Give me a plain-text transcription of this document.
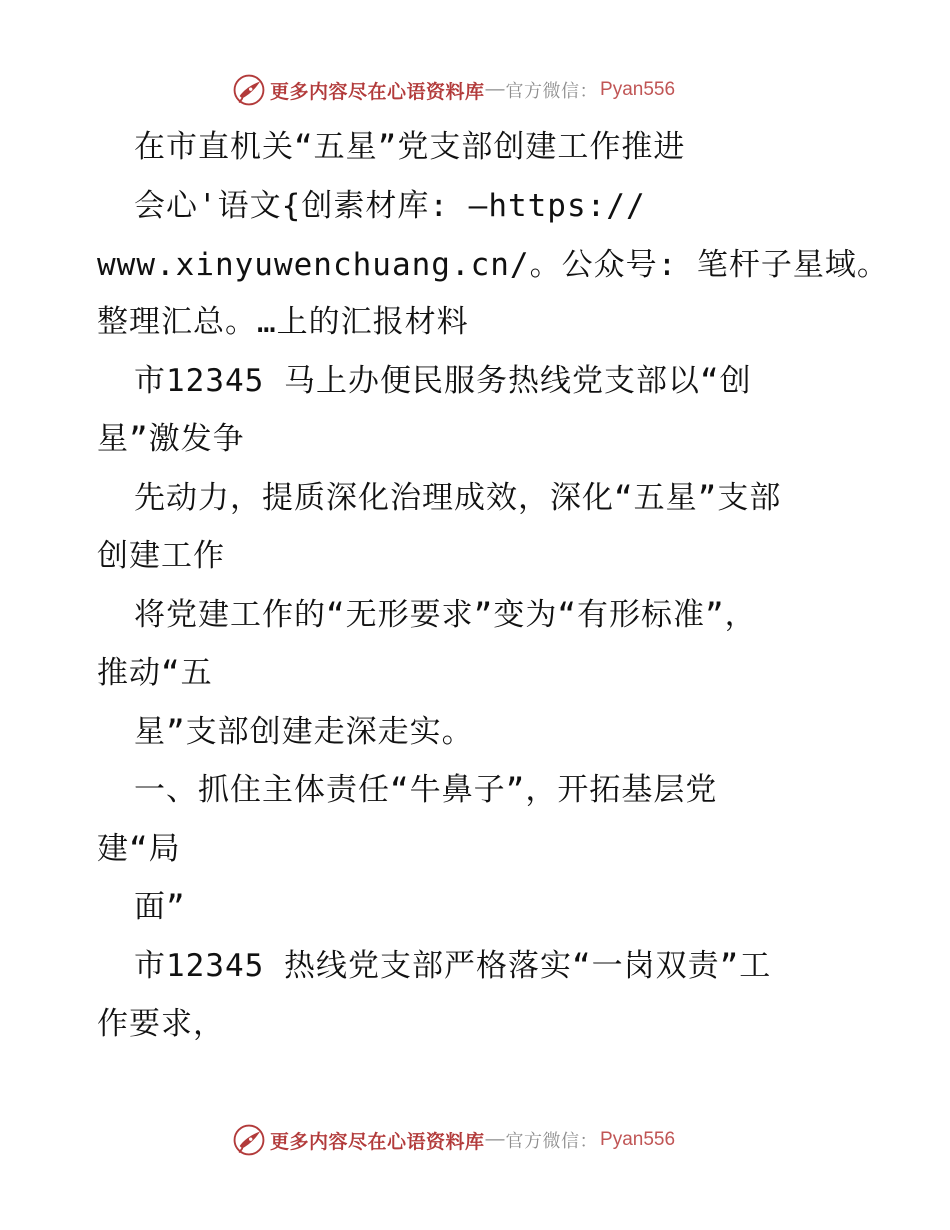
更多内容尽在心语资料库 — 官方微信： Pyan556
在市直机关“五星”党支部创建工作推进
会心'语文{创素材库: —https://
www.xinyuwenchuang.cn/。公众号: 笔杆子星域。
整理汇总。…上的汇报材料
市12345 马上办便民服务热线党支部以“创
星”激发争
先动力，提质深化治理成效，深化“五星”支部
创建工作
将党建工作的“无形要求”变为“有形标准”，
推动“五
星”支部创建走深走实。
一、抓住主体责任“牛鼻子”，开拓基层党
建“局
面”
市12345 热线党支部严格落实“一岗双责”工
作要求，
更多内容尽在心语资料库 — 官方微信： Pyan556
